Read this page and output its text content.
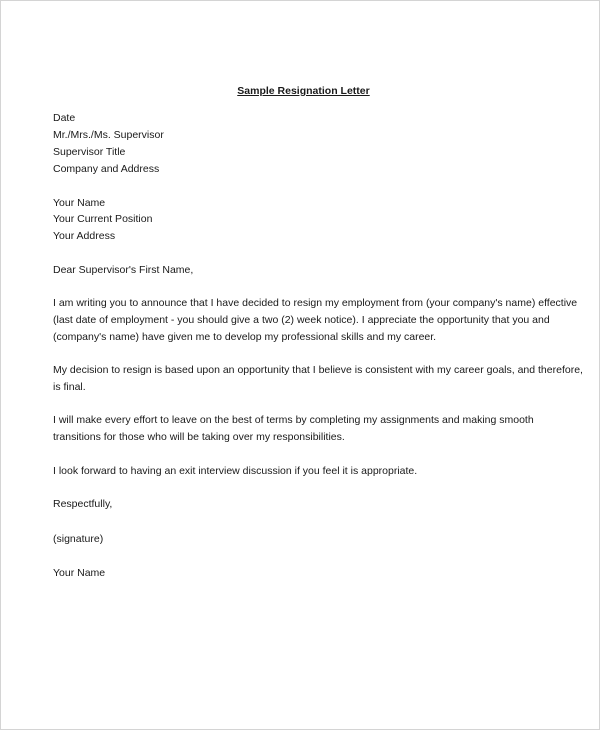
Sample Resignation Letter
Date
Mr./Mrs./Ms. Supervisor
Supervisor Title
Company and Address
Your Name
Your Current Position
Your Address
Dear Supervisor's First Name,
I am writing you to announce that I have decided to resign my employment from (your company's name) effective
(last date of employment - you should give a two (2) week notice). I appreciate the opportunity that you and
(company's name) have given me to develop my professional skills and my career.
My decision to resign is based upon an opportunity that I believe is consistent with my career goals, and therefore,
is final.
I will make every effort to leave on the best of terms by completing my assignments and making smooth
transitions for those who will be taking over my responsibilities.
I look forward to having an exit interview discussion if you feel it is appropriate.
Respectfully,
(signature)
Your Name
